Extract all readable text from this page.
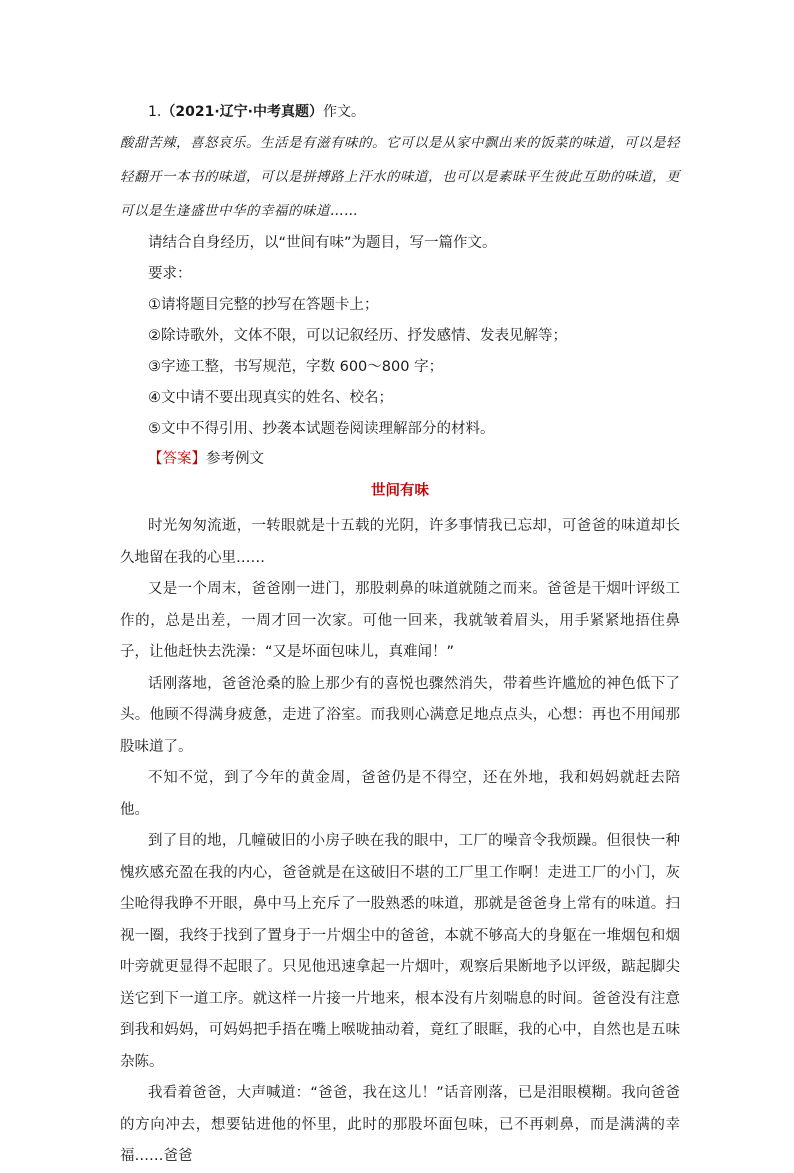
1.（2021·辽宁·中考真题）作文。

酸甜苦辣，喜怒哀乐。生活是有滋有味的。它可以是从家中飘出来的饭菜的味道，可以是轻轻翻开一本书的味道，可以是拼搏路上汗水的味道，也可以是素昧平生彼此互助的味道，更可以是生逢盛世中华的幸福的味道……

请结合自身经历，以“世间有味”为题目，写一篇作文。

要求：

①请将题目完整的抄写在答题卡上；

②除诗歌外，文体不限，可以记叙经历、抒发感情、发表见解等；

③字迹工整，书写规范，字数 600～800 字；

④文中请不要出现真实的姓名、校名；

⑤文中不得引用、抄袭本试题卷阅读理解部分的材料。

【答案】参考例文

世间有味

时光匆匆流逝，一转眼就是十五载的光阴，许多事情我已忘却，可爸爸的味道却长久地留在我的心里……

又是一个周末，爸爸刚一进门，那股刺鼻的味道就随之而来。爸爸是干烟叶评级工作的，总是出差，一周才回一次家。可他一回来，我就皱着眉头，用手紧紧地捂住鼻子，让他赶快去洗澡：“又是坏面包味儿，真难闻！”

话刚落地，爸爸沧桑的脸上那少有的喜悦也骤然消失，带着些许尴尬的神色低下了头。他顾不得满身疲惫，走进了浴室。而我则心满意足地点点头，心想：再也不用闻那股味道了。

不知不觉，到了今年的黄金周，爸爸仍是不得空，还在外地，我和妈妈就赶去陪他。

到了目的地，几幢破旧的小房子映在我的眼中，工厂的噪音令我烦躁。但很快一种愧疚感充盈在我的内心，爸爸就是在这破旧不堪的工厂里工作啊！走进工厂的小门，灰尘呛得我睁不开眼，鼻中马上充斥了一股熟悉的味道，那就是爸爸身上常有的味道。扫视一圈，我终于找到了置身于一片烟尘中的爸爸，本就不够高大的身躯在一堆烟包和烟叶旁就更显得不起眼了。只见他迅速拿起一片烟叶，观察后果断地予以评级，踮起脚尖送它到下一道工序。就这样一片接一片地来，根本没有片刻喘息的时间。爸爸没有注意到我和妈妈，可妈妈把手捂在嘴上喉咙抽动着，竟红了眼眶，我的心中，自然也是五味杂陈。

我看着爸爸，大声喊道：“爸爸，我在这儿！”话音刚落，已是泪眼模糊。我向爸爸的方向冲去，想要钻进他的怀里，此时的那股坏面包味，已不再刺鼻，而是满满的幸福……爸爸
